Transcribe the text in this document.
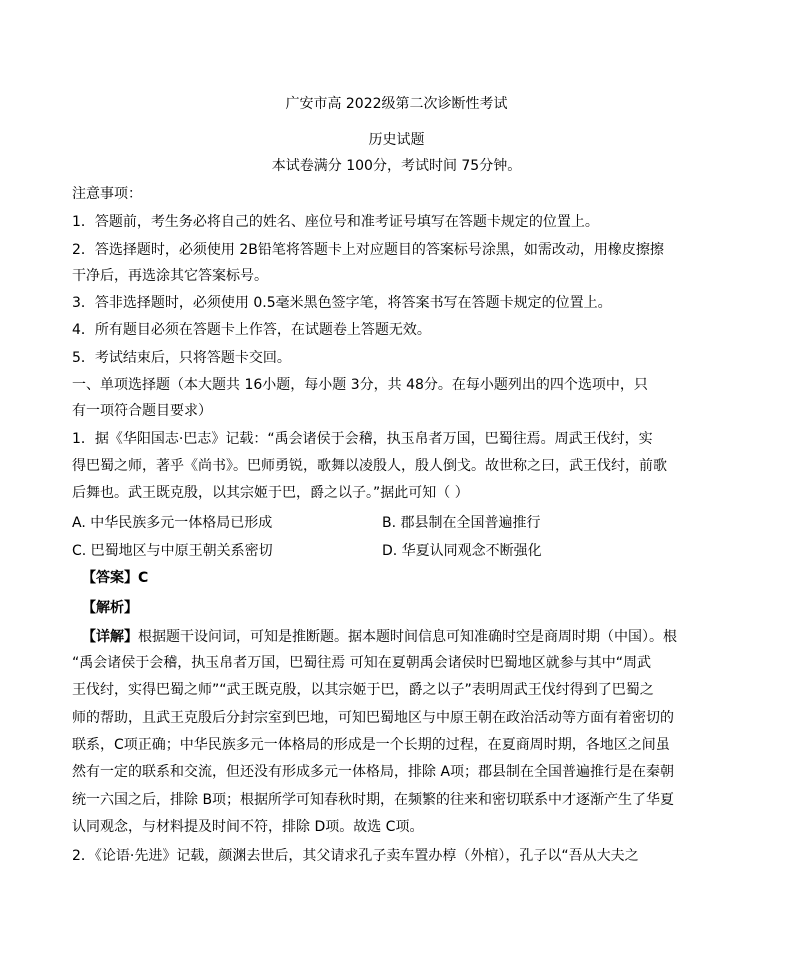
广安市高 2022级第二次诊断性考试
历史试题
本试卷满分 100分，考试时间 75分钟。
注意事项：
1．答题前，考生务必将自己的姓名、座位号和准考证号填写在答题卡规定的位置上。
2．答选择题时，必须使用 2B铅笔将答题卡上对应题目的答案标号涂黑，如需改动，用橡皮擦擦
干净后，再选涂其它答案标号。
3．答非选择题时，必须使用 0.5毫米黑色签字笔，将答案书写在答题卡规定的位置上。
4．所有题目必须在答题卡上作答，在试题卷上答题无效。
5．考试结束后，只将答题卡交回。
一、单项选择题（本大题共 16小题，每小题 3分，共 48分。在每小题列出的四个选项中，只
有一项符合题目要求）
1．据《华阳国志·巴志》记载：“禹会诸侯于会稽，执玉帛者万国，巴蜀往焉。周武王伐纣，实
得巴蜀之师，著乎《尚书》。巴师勇锐，歌舞以凌殷人，殷人倒戈。故世称之曰，武王伐纣，前歌
后舞也。武王既克殷，以其宗姬于巴，爵之以子。”据此可知（ ）
A. 中华民族多元一体格局已形成	B. 郡县制在全国普遍推行
C. 巴蜀地区与中原王朝关系密切	D. 华夏认同观念不断强化
【答案】C
【解析】
【详解】根据题干设问词，可知是推断题。据本题时间信息可知准确时空是商周时期（中国）。根
“禹会诸侯于会稽，执玉帛者万国，巴蜀往焉 可知在夏朝禹会诸侯时巴蜀地区就参与其中“周武
王伐纣，实得巴蜀之师”“武王既克殷，以其宗姬于巴，爵之以子”表明周武王伐纣得到了巴蜀之
师的帮助，且武王克殷后分封宗室到巴地，可知巴蜀地区与中原王朝在政治活动等方面有着密切的
联系，C项正确；中华民族多元一体格局的形成是一个长期的过程，在夏商周时期，各地区之间虽
然有一定的联系和交流，但还没有形成多元一体格局，排除 A项；郡县制在全国普遍推行是在秦朝
统一六国之后，排除 B项；根据所学可知春秋时期，在频繁的往来和密切联系中才逐渐产生了华夏
认同观念，与材料提及时间不符，排除 D项。故选 C项。
2．《论语·先进》记载，颜渊去世后，其父请求孔子卖车置办椁（外棺），孔子以“吾从大夫之
